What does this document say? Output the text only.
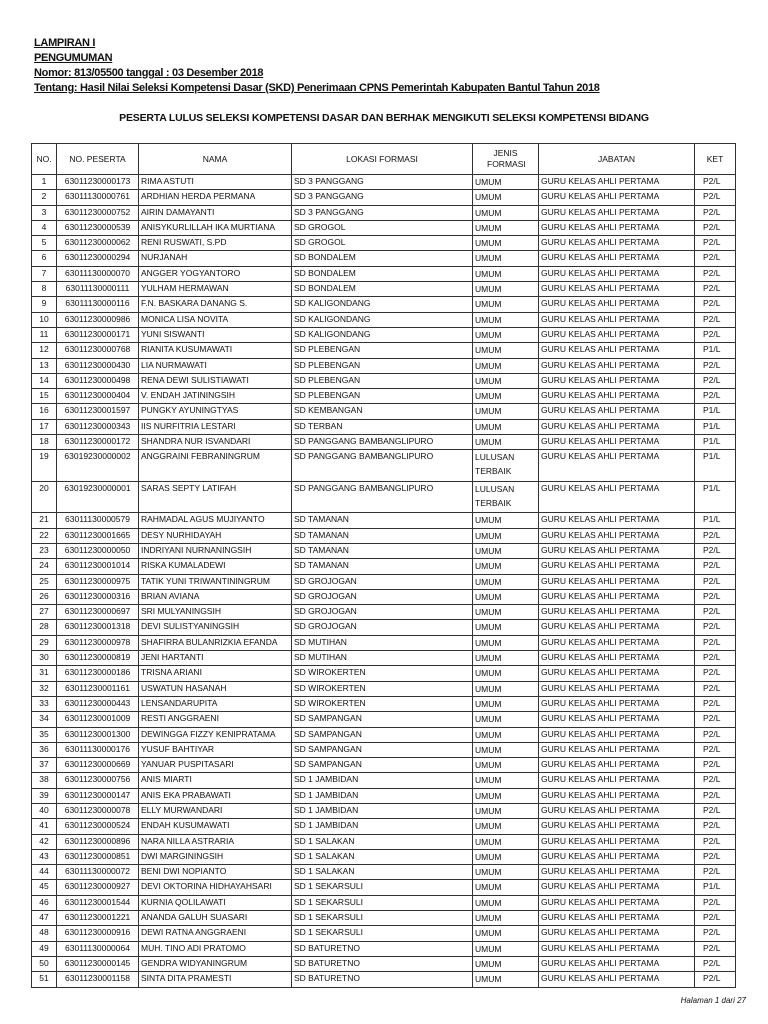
LAMPIRAN I
PENGUMUMAN
Nomor: 813/05500 tanggal : 03 Desember 2018
Tentang: Hasil Nilai Seleksi Kompetensi Dasar (SKD) Penerimaan CPNS Pemerintah Kabupaten Bantul Tahun 2018
PESERTA LULUS SELEKSI KOMPETENSI DASAR DAN BERHAK MENGIKUTI SELEKSI KOMPETENSI BIDANG
NO.	NO. PESERTA	NAMA	LOKASI FORMASI	JENIS FORMASI	JABATAN	KET
1	63011230000173	RIMA ASTUTI	SD 3 PANGGANG	UMUM	GURU KELAS AHLI PERTAMA	P2/L
2	63011130000761	ARDHIAN HERDA PERMANA	SD 3 PANGGANG	UMUM	GURU KELAS AHLI PERTAMA	P2/L
3	63011230000752	AIRIN DAMAYANTI	SD 3 PANGGANG	UMUM	GURU KELAS AHLI PERTAMA	P2/L
4	63011230000539	ANISYKURLILLAH IKA MURTIANA	SD GROGOL	UMUM	GURU KELAS AHLI PERTAMA	P2/L
5	63011230000062	RENI RUSWATI, S.PD	SD GROGOL	UMUM	GURU KELAS AHLI PERTAMA	P2/L
6	63011230000294	NURJANAH	SD BONDALEM	UMUM	GURU KELAS AHLI PERTAMA	P2/L
7	63011130000070	ANGGER YOGYANTORO	SD BONDALEM	UMUM	GURU KELAS AHLI PERTAMA	P2/L
8	63011130000111	YULHAM HERMAWAN	SD BONDALEM	UMUM	GURU KELAS AHLI PERTAMA	P2/L
9	63011130000116	F.N. BASKARA DANANG S.	SD KALIGONDANG	UMUM	GURU KELAS AHLI PERTAMA	P2/L
10	63011230000986	MONICA LISA NOVITA	SD KALIGONDANG	UMUM	GURU KELAS AHLI PERTAMA	P2/L
11	63011230000171	YUNI SISWANTI	SD KALIGONDANG	UMUM	GURU KELAS AHLI PERTAMA	P2/L
12	63011230000768	RIANITA KUSUMAWATI	SD PLEBENGAN	UMUM	GURU KELAS AHLI PERTAMA	P1/L
13	63011230000430	LIA NURMAWATI	SD PLEBENGAN	UMUM	GURU KELAS AHLI PERTAMA	P2/L
14	63011230000498	RENA DEWI SULISTIAWATI	SD PLEBENGAN	UMUM	GURU KELAS AHLI PERTAMA	P2/L
15	63011230000404	V. ENDAH JATININGSIH	SD PLEBENGAN	UMUM	GURU KELAS AHLI PERTAMA	P2/L
16	63011230001597	PUNGKY AYUNINGTYAS	SD KEMBANGAN	UMUM	GURU KELAS AHLI PERTAMA	P1/L
17	63011230000343	IIS NURFITRIA LESTARI	SD TERBAN	UMUM	GURU KELAS AHLI PERTAMA	P1/L
18	63011230000172	SHANDRA NUR ISVANDARI	SD PANGGANG BAMBANGLIPURO	UMUM	GURU KELAS AHLI PERTAMA	P1/L
19	63019230000002	ANGGRAINI FEBRANINGRUM	SD PANGGANG BAMBANGLIPURO	LULUSAN TERBAIK	GURU KELAS AHLI PERTAMA	P1/L
20	63019230000001	SARAS SEPTY LATIFAH	SD PANGGANG BAMBANGLIPURO	LULUSAN TERBAIK	GURU KELAS AHLI PERTAMA	P1/L
21	63011130000579	RAHMADAL AGUS MUJIYANTO	SD TAMANAN	UMUM	GURU KELAS AHLI PERTAMA	P1/L
22	63011230001665	DESY NURHIDAYAH	SD TAMANAN	UMUM	GURU KELAS AHLI PERTAMA	P2/L
23	63011230000050	INDRIYANI NURNANINGSIH	SD TAMANAN	UMUM	GURU KELAS AHLI PERTAMA	P2/L
24	63011230001014	RISKA KUMALADEWI	SD TAMANAN	UMUM	GURU KELAS AHLI PERTAMA	P2/L
25	63011230000975	TATIK YUNI TRIWANTININGRUM	SD GROJOGAN	UMUM	GURU KELAS AHLI PERTAMA	P2/L
26	63011230000316	BRIAN AVIANA	SD GROJOGAN	UMUM	GURU KELAS AHLI PERTAMA	P2/L
27	63011230000697	SRI MULYANINGSIH	SD GROJOGAN	UMUM	GURU KELAS AHLI PERTAMA	P2/L
28	63011230001318	DEVI SULISTYANINGSIH	SD GROJOGAN	UMUM	GURU KELAS AHLI PERTAMA	P2/L
29	63011230000978	SHAFIRRA BULANRIZKIA EFANDA	SD MUTIHAN	UMUM	GURU KELAS AHLI PERTAMA	P2/L
30	63011230000819	JENI HARTANTI	SD MUTIHAN	UMUM	GURU KELAS AHLI PERTAMA	P2/L
31	63011230000186	TRISNA ARIANI	SD WIROKERTEN	UMUM	GURU KELAS AHLI PERTAMA	P2/L
32	63011230001161	USWATUN HASANAH	SD WIROKERTEN	UMUM	GURU KELAS AHLI PERTAMA	P2/L
33	63011230000443	LENSANDARUPITA	SD WIROKERTEN	UMUM	GURU KELAS AHLI PERTAMA	P2/L
34	63011230001009	RESTI ANGGRAENI	SD SAMPANGAN	UMUM	GURU KELAS AHLI PERTAMA	P2/L
35	63011230001300	DEWINGGA FIZZY KENIPRATAMA	SD SAMPANGAN	UMUM	GURU KELAS AHLI PERTAMA	P2/L
36	63011130000176	YUSUF BAHTIYAR	SD SAMPANGAN	UMUM	GURU KELAS AHLI PERTAMA	P2/L
37	63011230000669	YANUAR PUSPITASARI	SD SAMPANGAN	UMUM	GURU KELAS AHLI PERTAMA	P2/L
38	63011230000756	ANIS MIARTI	SD 1 JAMBIDAN	UMUM	GURU KELAS AHLI PERTAMA	P2/L
39	63011230000147	ANIS EKA PRABAWATI	SD 1 JAMBIDAN	UMUM	GURU KELAS AHLI PERTAMA	P2/L
40	63011230000078	ELLY MURWANDARI	SD 1 JAMBIDAN	UMUM	GURU KELAS AHLI PERTAMA	P2/L
41	63011230000524	ENDAH KUSUMAWATI	SD 1 JAMBIDAN	UMUM	GURU KELAS AHLI PERTAMA	P2/L
42	63011230000896	NARA NILLA ASTRARIA	SD 1 SALAKAN	UMUM	GURU KELAS AHLI PERTAMA	P2/L
43	63011230000851	DWI MARGININGSIH	SD 1 SALAKAN	UMUM	GURU KELAS AHLI PERTAMA	P2/L
44	63011130000072	BENI DWI NOPIANTO	SD 1 SALAKAN	UMUM	GURU KELAS AHLI PERTAMA	P2/L
45	63011230000927	DEVI OKTORINA HIDHAYAHSARI	SD 1 SEKARSULI	UMUM	GURU KELAS AHLI PERTAMA	P1/L
46	63011230001544	KURNIA QOLILAWATI	SD 1 SEKARSULI	UMUM	GURU KELAS AHLI PERTAMA	P2/L
47	63011230001221	ANANDA GALUH SUASARI	SD 1 SEKARSULI	UMUM	GURU KELAS AHLI PERTAMA	P2/L
48	63011230000916	DEWI RATNA ANGGRAENI	SD 1 SEKARSULI	UMUM	GURU KELAS AHLI PERTAMA	P2/L
49	63011130000064	MUH. TINO ADI PRATOMO	SD BATURETNO	UMUM	GURU KELAS AHLI PERTAMA	P2/L
50	63011230000145	GENDRA WIDYANINGRUM	SD BATURETNO	UMUM	GURU KELAS AHLI PERTAMA	P2/L
51	63011230001158	SINTA DITA PRAMESTI	SD BATURETNO	UMUM	GURU KELAS AHLI PERTAMA	P2/L
Halaman 1 dari 27
